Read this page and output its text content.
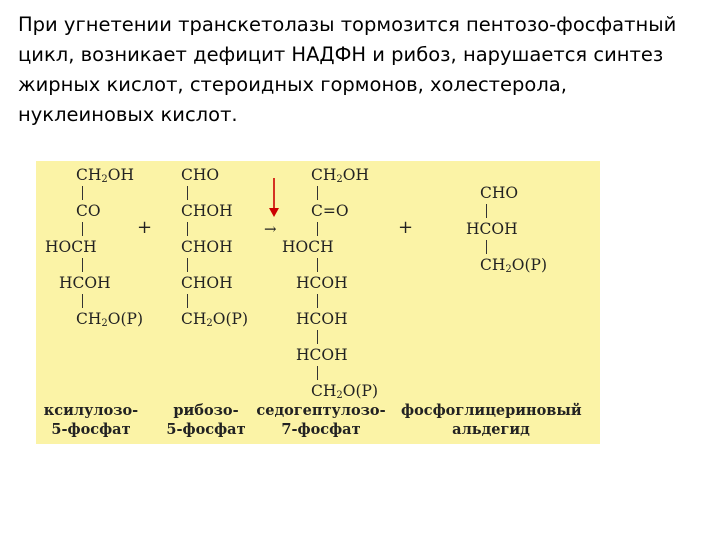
При угнетении транскетолазы тормозится пентозо-фосфатный
цикл, возникает дефицит НАДФН и рибоз, нарушается синтез
жирных кислот, стероидных гормонов, холестерола,
нуклеиновых кислот.
$CH_2OH$
CO
HOCH
HCOH
$CH_2O(P)$
+
CHO
CHOH
CHOH
CHOH
$CH_2O(P)$
→
$CH_2OH$
C=O
HOCH
HCOH
HCOH
HCOH
$CH_2O(P)$
+
CHO
HCOH
$CH_2O(P)$
ксилулозо-
5-фосфат
рибозо-
5-фосфат
седогептулозо-
7-фосфат
фосфоглицериновый
альдегид
